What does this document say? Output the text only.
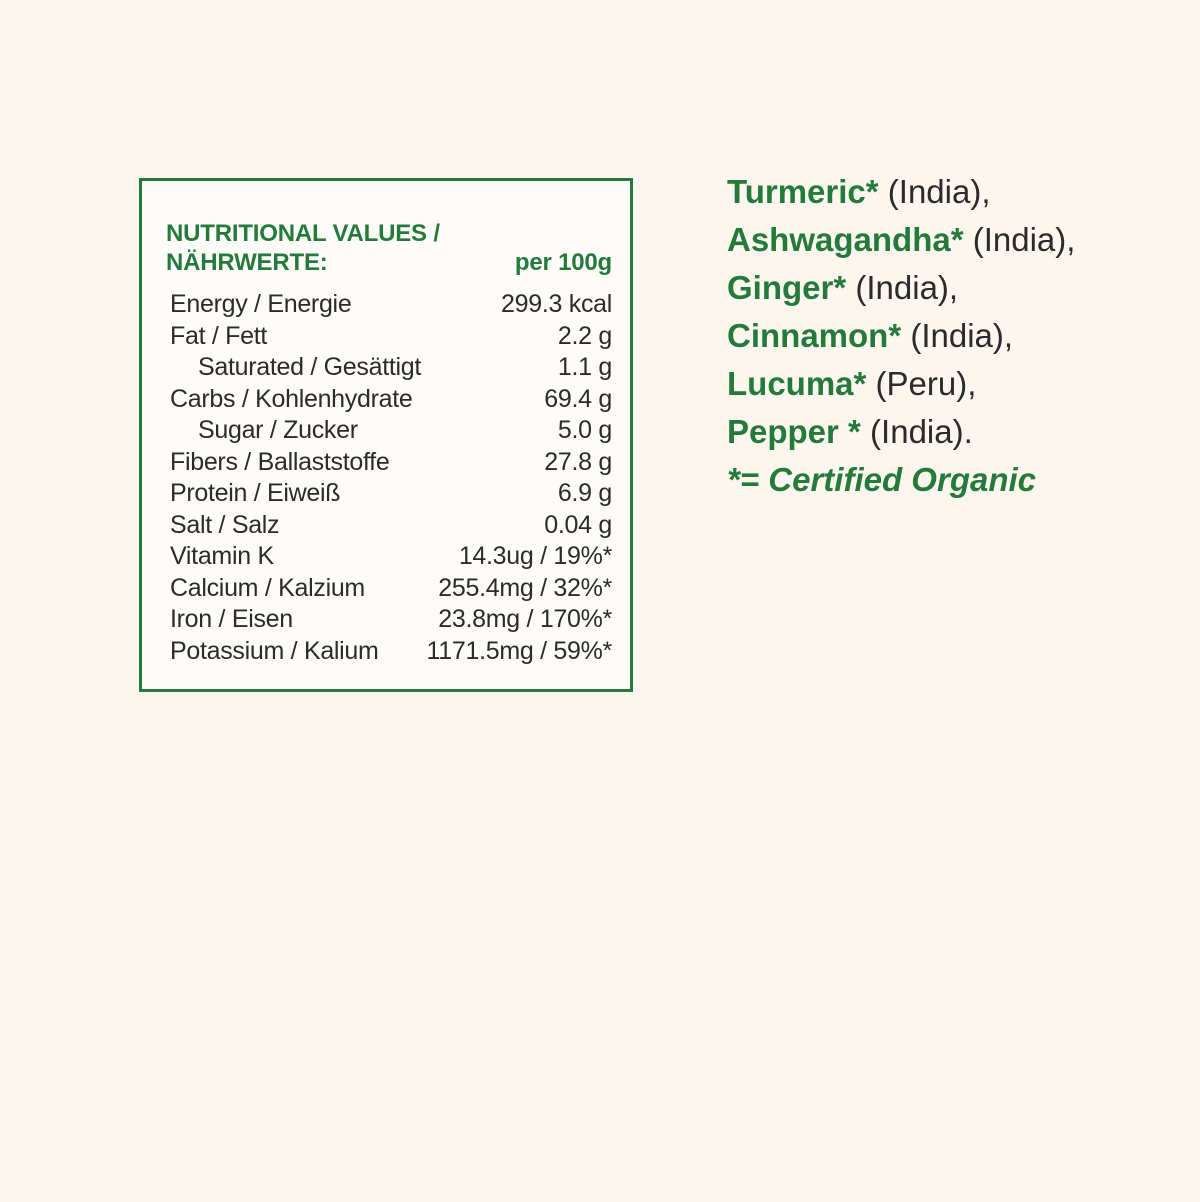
NUTRITIONAL VALUES /
NÄHRWERTE:	per 100g
Energy / Energie	299.3 kcal
Fat / Fett	2.2 g
Saturated / Gesättigt	1.1 g
Carbs / Kohlenhydrate	69.4 g
Sugar / Zucker	5.0 g
Fibers / Ballaststoffe	27.8 g
Protein / Eiweiß	6.9 g
Salt / Salz	0.04 g
Vitamin K	14.3ug / 19%*
Calcium / Kalzium	255.4mg / 32%*
Iron / Eisen	23.8mg / 170%*
Potassium / Kalium 1171.5mg / 59%*
Turmeric* (India),
Ashwagandha* (India),
Ginger* (India),
Cinnamon* (India),
Lucuma* (Peru),
Pepper * (India).
*= Certified Organic
